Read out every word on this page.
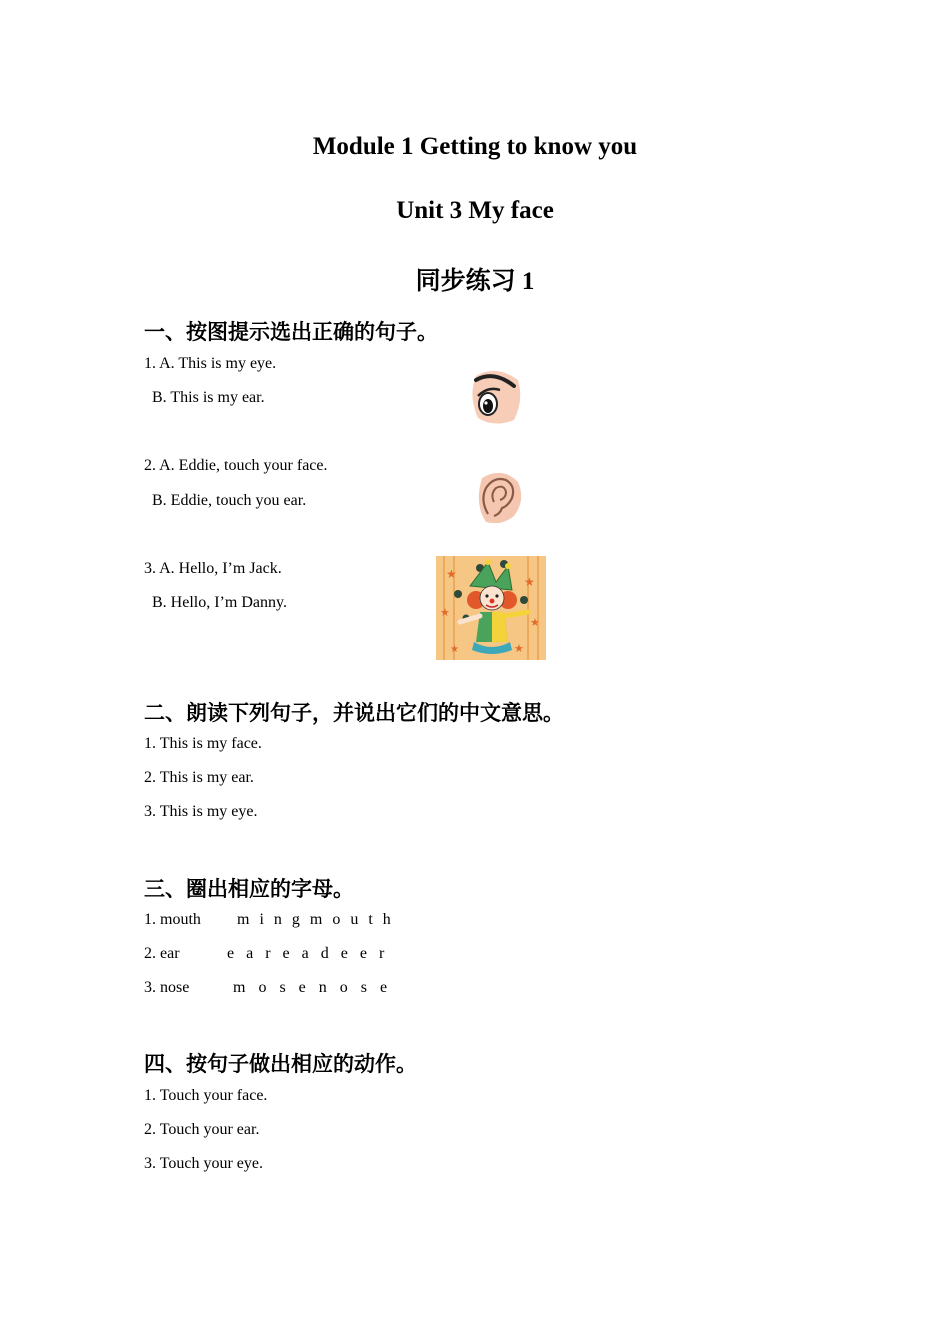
Module 1 Getting to know you
Unit 3 My face
同步练习 1
一、按图提示选出正确的句子。
1. A. This is my eye.
B. This is my ear.
2. A. Eddie, touch your face.
B. Eddie, touch you ear.
3. A. Hello, I’m Jack.
B. Hello, I’m Danny.
★
★
★
★
★
★
二、朗读下列句子，并说出它们的中文意思。
1. This is my face.
2. This is my ear.
3. This is my eye.
三、圈出相应的字母。
1. mouth m i n g m o u t h
2. ear	e a r e a d e e r
3. nose	m o s e n o s e
四、按句子做出相应的动作。
1. Touch your face.
2. Touch your ear.
3. Touch your eye.
